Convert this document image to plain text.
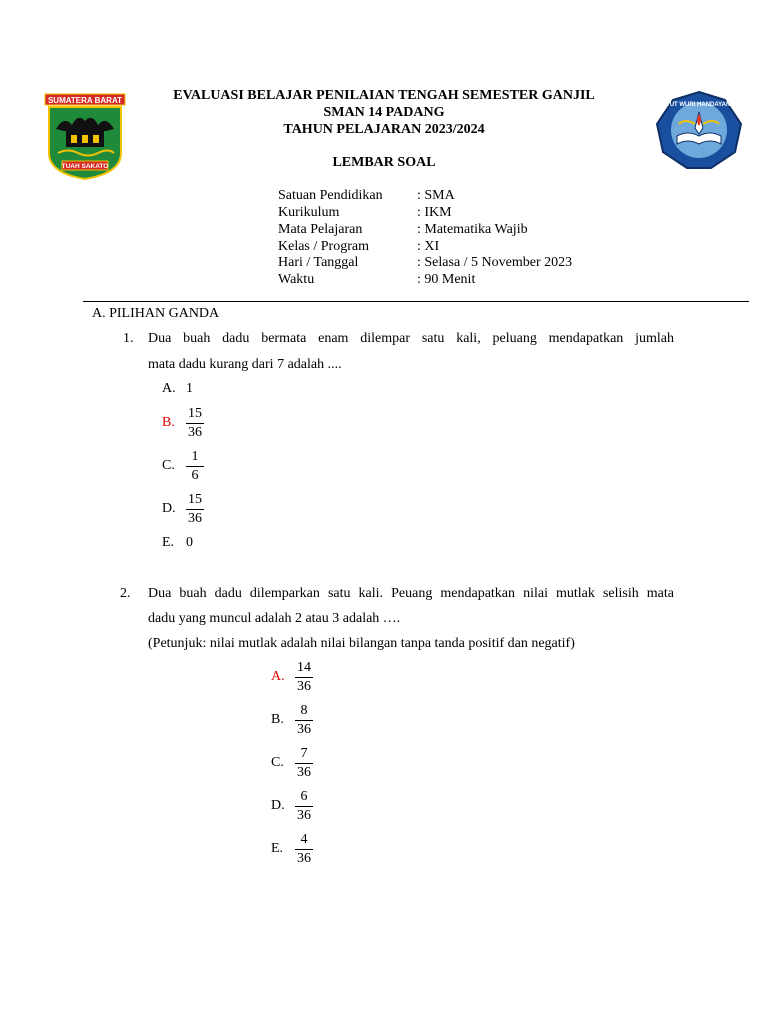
SUMATERA BARAT
TUAH SAKATO
EVALUASI BELAJAR PENILAIAN TENGAH SEMESTER GANJIL
SMAN 14 PADANG
TAHUN PELAJARAN 2023/2024
LEMBAR SOAL
TUT WURI HANDAYANI
Satuan Pendidikan : SMA
Kurikulum	: IKM
Mata Pelajaran	: Matematika Wajib
Kelas / Program	: XI
Hari / Tanggal	: Selasa / 5 November 2023
Waktu	: 90 Menit
A. PILIHAN GANDA
1. Dua buah dadu bermata enam dilempar satu kali, peluang mendapatkan jumlah
mata dadu kurang dari 7 adalah ....
A. 1
B.
15
36
C.
1
6
D.
15
36
E. 0
2. Dua buah dadu dilemparkan satu kali. Peuang mendapatkan nilai mutlak selisih mata
dadu yang muncul adalah 2 atau 3 adalah ….
(Petunjuk: nilai mutlak adalah nilai bilangan tanpa tanda positif dan negatif)
A.
14
36
B.
8
36
C.
7
36
D.
6
36
E.
4
36
